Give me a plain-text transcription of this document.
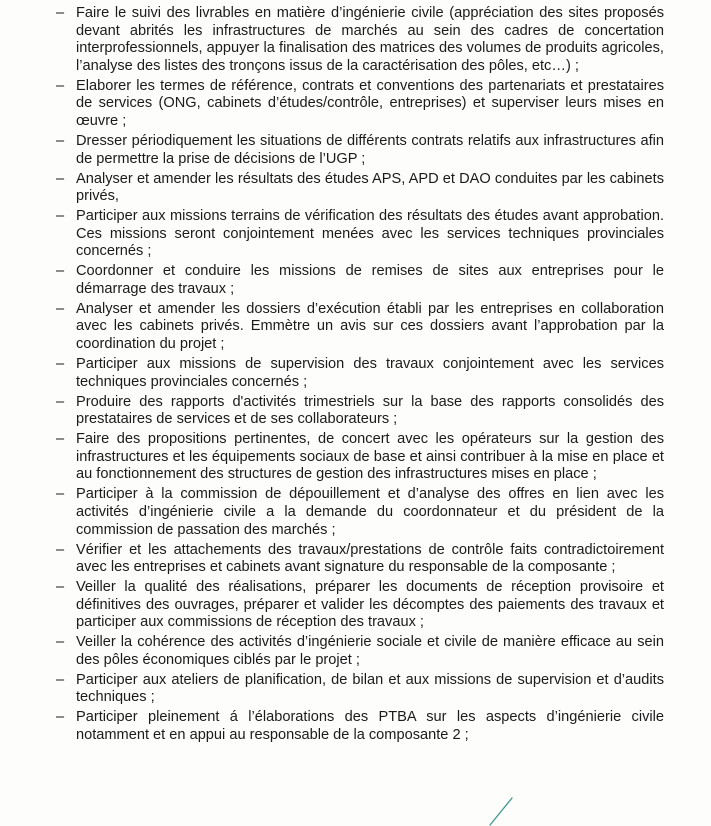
– Faire le suivi des livrables en matière d’ingénierie civile (appréciation des sites proposés devant abrités les infrastructures de marchés au sein des cadres de concertation interprofessionnels, appuyer la finalisation des matrices des volumes de produits agricoles, l’analyse des listes des tronçons issus de la caractérisation des pôles, etc…) ;
– Elaborer les termes de référence, contrats et conventions des partenariats et prestataires de services (ONG, cabinets d’études/contrôle, entreprises) et superviser leurs mises en œuvre ;
– Dresser périodiquement les situations de différents contrats relatifs aux infrastructures afin de permettre la prise de décisions de l’UGP ;
– Analyser et amender les résultats des études APS, APD et DAO conduites par les cabinets privés,
– Participer aux missions terrains de vérification des résultats des études avant approbation. Ces missions seront conjointement menées avec les services techniques provinciales concernés ;
– Coordonner et conduire les missions de remises de sites aux entreprises pour le démarrage des travaux ;
– Analyser et amender les dossiers d’exécution établi par les entreprises en collaboration avec les cabinets privés. Emmètre un avis sur ces dossiers avant l’approbation par la coordination du projet ;
– Participer aux missions de supervision des travaux conjointement avec les services techniques provinciales concernés ;
– Produire des rapports d'activités trimestriels sur la base des rapports consolidés des prestataires de services et de ses collaborateurs ;
– Faire des propositions pertinentes, de concert avec les opérateurs sur la gestion des infrastructures et les équipements sociaux de base et ainsi contribuer à la mise en place et au fonctionnement des structures de gestion des infrastructures mises en place ;
– Participer à la commission de dépouillement et d’analyse des offres en lien avec les activités d’ingénierie civile a la demande du coordonnateur et du président de la commission de passation des marchés ;
– Vérifier et les attachements des travaux/prestations de contrôle faits contradictoirement avec les entreprises et cabinets avant signature du responsable de la composante ;
– Veiller la qualité des réalisations, préparer les documents de réception provisoire et définitives des ouvrages, préparer et valider les décomptes des paiements des travaux et participer aux commissions de réception des travaux ;
– Veiller la cohérence des activités d’ingénierie sociale et civile de manière efficace au sein des pôles économiques ciblés par le projet ;
– Participer aux ateliers de planification, de bilan et aux missions de supervision et d’audits techniques ;
– Participer pleinement á l’élaborations des PTBA sur les aspects d’ingénierie civile notamment et en appui au responsable de la composante 2 ;
